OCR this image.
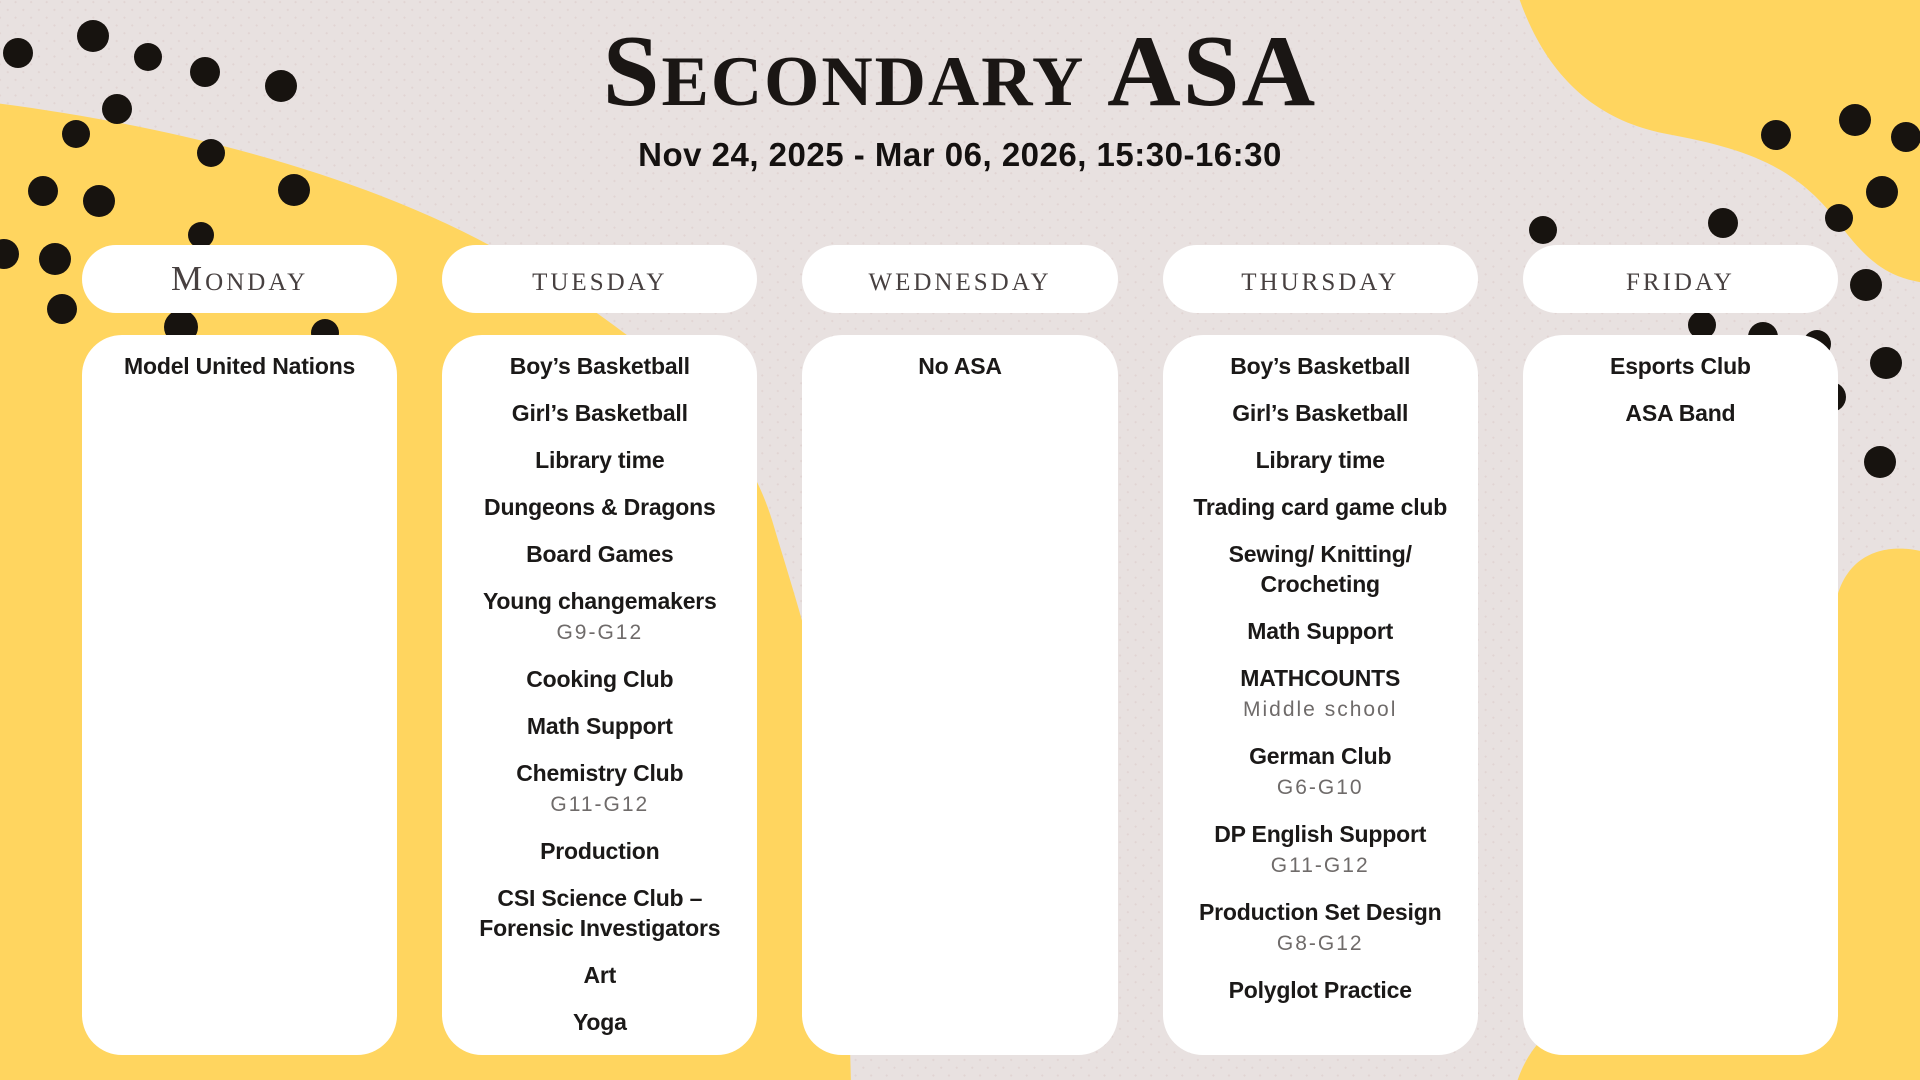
Secondary ASA
Nov 24, 2025 - Mar 06, 2026, 15:30-16:30
Monday
Model United Nations
tuesday
Boy’s Basketball
Girl’s Basketball
Library time
Dungeons & Dragons
Board Games
Young changemakers
G9-G12
Cooking Club
Math Support
Chemistry Club
G11-G12
Production
CSI Science Club – Forensic Investigators
Art
Yoga
wednesday
No ASA
thursday
Boy’s Basketball
Girl’s Basketball
Library time
Trading card game club
Sewing/ Knitting/ Crocheting
Math Support
MATHCOUNTS
Middle school
German Club
G6-G10
DP English Support
G11-G12
Production Set Design
G8-G12
Polyglot Practice
friday
Esports Club
ASA Band
